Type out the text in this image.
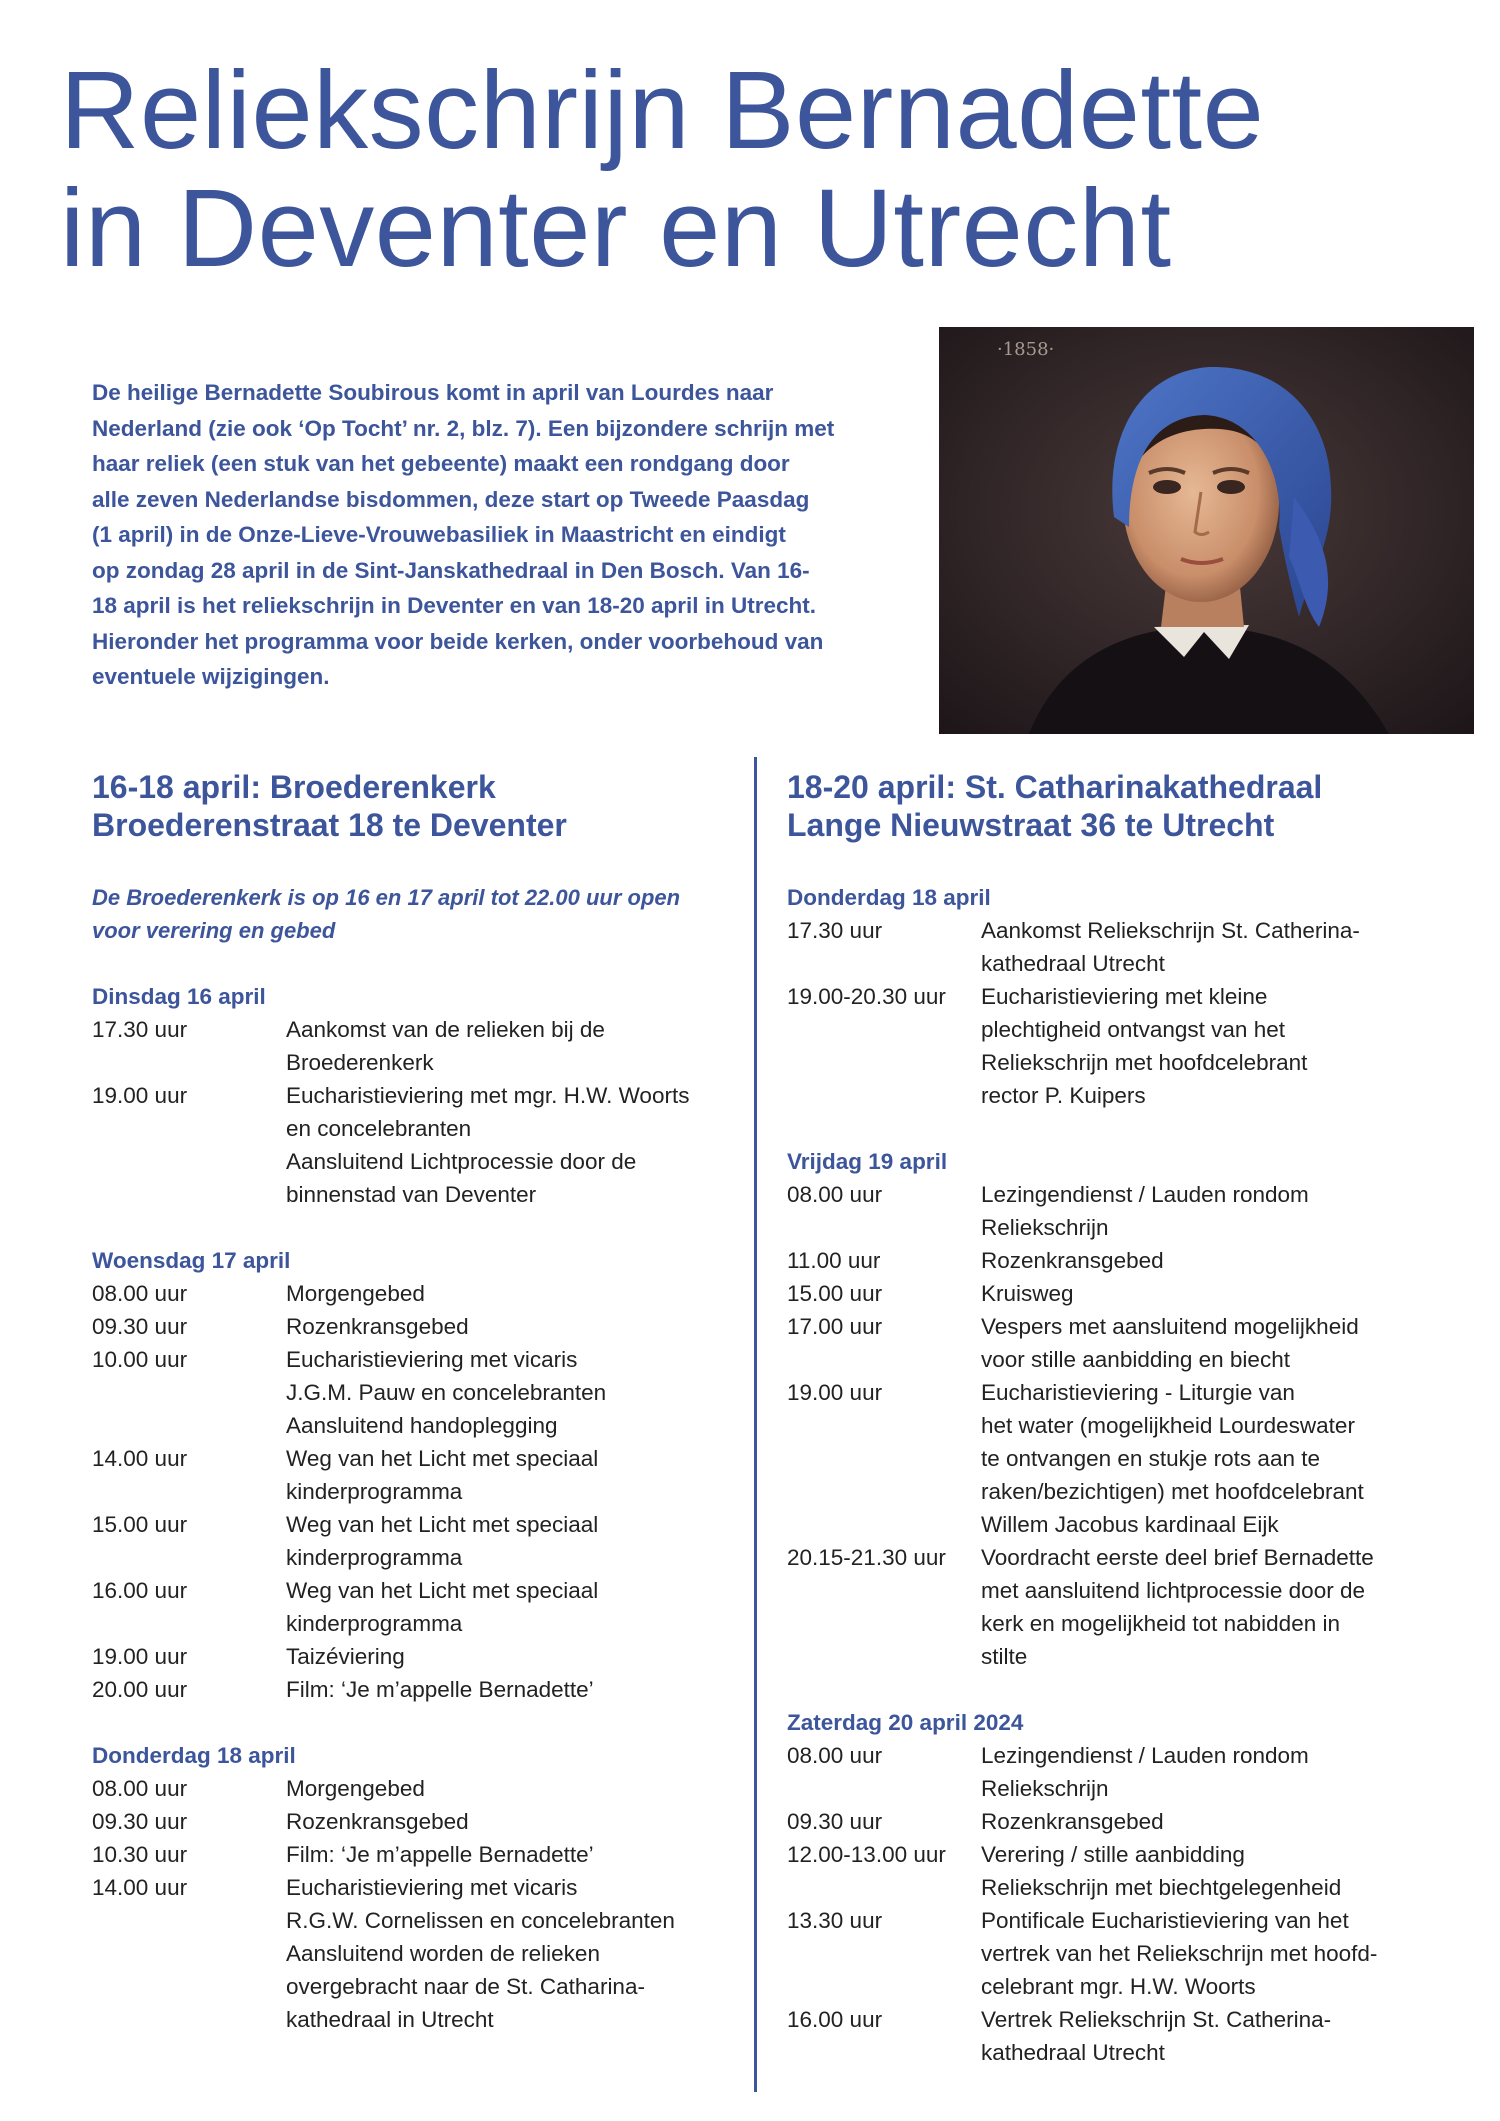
Reliekschrijn Bernadette
in Deventer en Utrecht

De heilige Bernadette Soubirous komt in april van Lourdes naar
Nederland (zie ook ‘Op Tocht’ nr. 2, blz. 7). Een bijzondere schrijn met
haar reliek (een stuk van het gebeente) maakt een rondgang door
alle zeven Nederlandse bisdommen, deze start op Tweede Paasdag
(1 april) in de Onze-Lieve-Vrouwebasiliek in Maastricht en eindigt
op zondag 28 april in de Sint-Janskathedraal in Den Bosch. Van 16-
18 april is het reliekschrijn in Deventer en van 18-20 april in Utrecht.
Hieronder het programma voor beide kerken, onder voorbehoud van
eventuele wijzigingen.

·1858·
16-18 april: Broederenkerk
Broederenstraat 18 te Deventer

De Broederenkerk is op 16 en 17 april tot 22.00 uur open
voor verering en gebed

Dinsdag 16 april
17.30 uur	Aankomst van de relieken bij de
Broederenkerk
19.00 uur	Eucharistieviering met mgr. H.W. Woorts
en concelebranten
Aansluitend Lichtprocessie door de
binnenstad van Deventer
Woensdag 17 april
08.00 uur	Morgengebed
09.30 uur	Rozenkransgebed
10.00 uur	Eucharistieviering met vicaris
J.G.M. Pauw en concelebranten
Aansluitend handoplegging
14.00 uur	Weg van het Licht met speciaal
kinderprogramma
15.00 uur	Weg van het Licht met speciaal
kinderprogramma
16.00 uur	Weg van het Licht met speciaal
kinderprogramma
19.00 uur	Taizéviering
20.00 uur	Film: ‘Je m’appelle Bernadette’
Donderdag 18 april
08.00 uur	Morgengebed
09.30 uur	Rozenkransgebed
10.30 uur	Film: ‘Je m’appelle Bernadette’
14.00 uur	Eucharistieviering met vicaris
R.G.W. Cornelissen en concelebranten
Aansluitend worden de relieken
overgebracht naar de St. Catharina-
kathedraal in Utrecht
18-20 april: St. Catharinakathedraal
Lange Nieuwstraat 36 te Utrecht
Donderdag 18 april
17.30 uur	Aankomst Reliekschrijn St. Catherina-
kathedraal Utrecht
19.00-20.30 uur	Eucharistieviering met kleine
plechtigheid ontvangst van het
Reliekschrijn met hoofdcelebrant
rector P. Kuipers
Vrijdag 19 april
08.00 uur	Lezingendienst / Lauden rondom
Reliekschrijn
11.00 uur	Rozenkransgebed
15.00 uur	Kruisweg
17.00 uur	Vespers met aansluitend mogelijkheid
voor stille aanbidding en biecht
19.00 uur	Eucharistieviering - Liturgie van
het water (mogelijkheid Lourdeswater
te ontvangen en stukje rots aan te
raken/bezichtigen) met hoofdcelebrant
Willem Jacobus kardinaal Eijk
20.15-21.30 uur	Voordracht eerste deel brief Bernadette
met aansluitend lichtprocessie door de
kerk en mogelijkheid tot nabidden in
stilte
Zaterdag 20 april 2024
08.00 uur	Lezingendienst / Lauden rondom
Reliekschrijn
09.30 uur	Rozenkransgebed
12.00-13.00 uur	Verering / stille aanbidding
Reliekschrijn met biechtgelegenheid
13.30 uur	Pontificale Eucharistieviering van het
vertrek van het Reliekschrijn met hoofd-
celebrant mgr. H.W. Woorts
16.00 uur	Vertrek Reliekschrijn St. Catherina-
kathedraal Utrecht
